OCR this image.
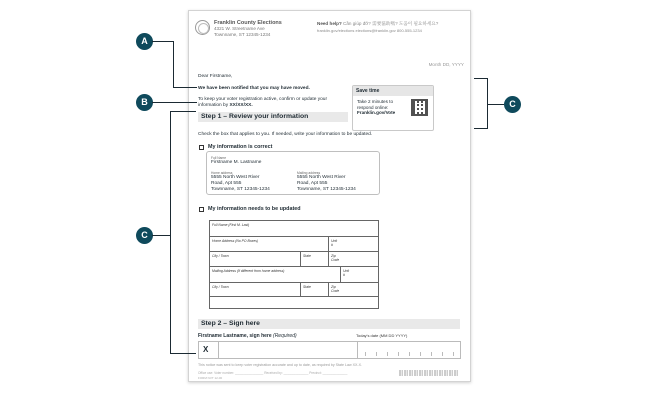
Franklin County Elections
4321 W. Streetname Ave
Townname, ST 12345-1234
Need help? Cần giúp đỡ? 需要協助嗎? 도움이 필요하세요?
franklin.gov/elections elections@franklin.gov 800-555-1234
Month DD, YYYY
Dear Firstname,
We have been notified that you may have moved.
To keep your voter registration active, confirm or update your information by XX/XX/XX.
Save time
Take 2 minutes to respond online:
Franklin.gov/Vote
Step 1 – Review your information
Check the box that applies to you. If needed, write your information to be updated.
My information is correct
Full Name
Firstname M. Lastname
Home address
5555 North West River
Road, Apt 555
Townname, ST 12345-1234
Mailing address
5555 North West River
Road, Apt 555
Townname, ST 12345-1234
My information needs to be updated
Full Name (First M. Last)
Home Address (No PO Boxes)	Unit #
City / Town	State	Zip Code
Mailing Address (If different from home address)	Unit #
City / Town	State	Zip Code
Step 2 – Sign here
Firstname Lastname, sign here (Required)	Today's date (MM DD YYYY)
X
This notice was sent to keep voter registration accurate and up to date, as required by State Law XX-X.
Office use: Voter number: ________________ Received by: ______________ Precinct: ______________
FORM NVT 12-00
A
B	C
C
